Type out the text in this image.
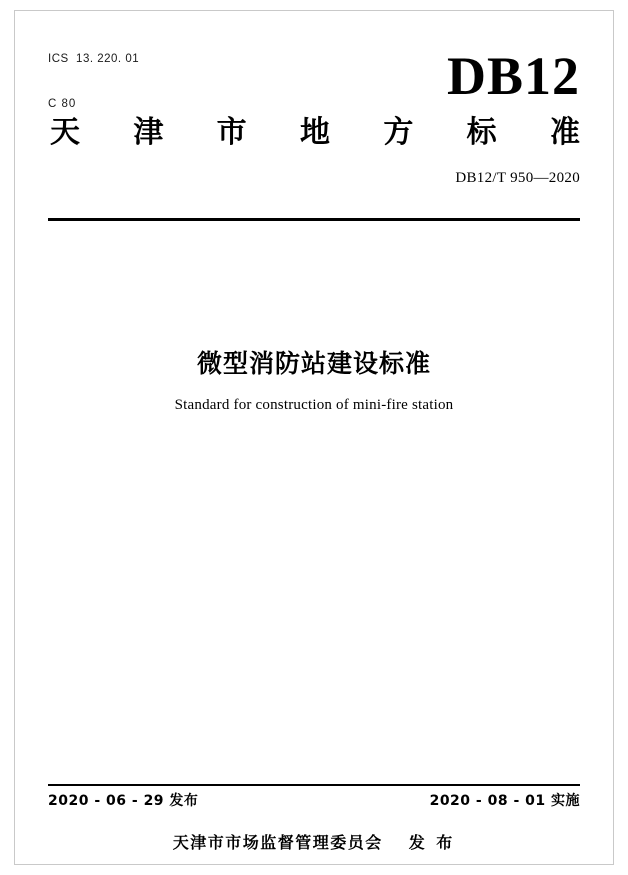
ICS  13. 220. 01

C 80

	DB12
天 津 市 地 方 标 准
DB12/T 950—2020
微型消防站建设标准
Standard for construction of mini-fire station
2020 - 06 - 29 发布	2020 - 08 - 01 实施
天津市市场监督管理委员会 发 布
